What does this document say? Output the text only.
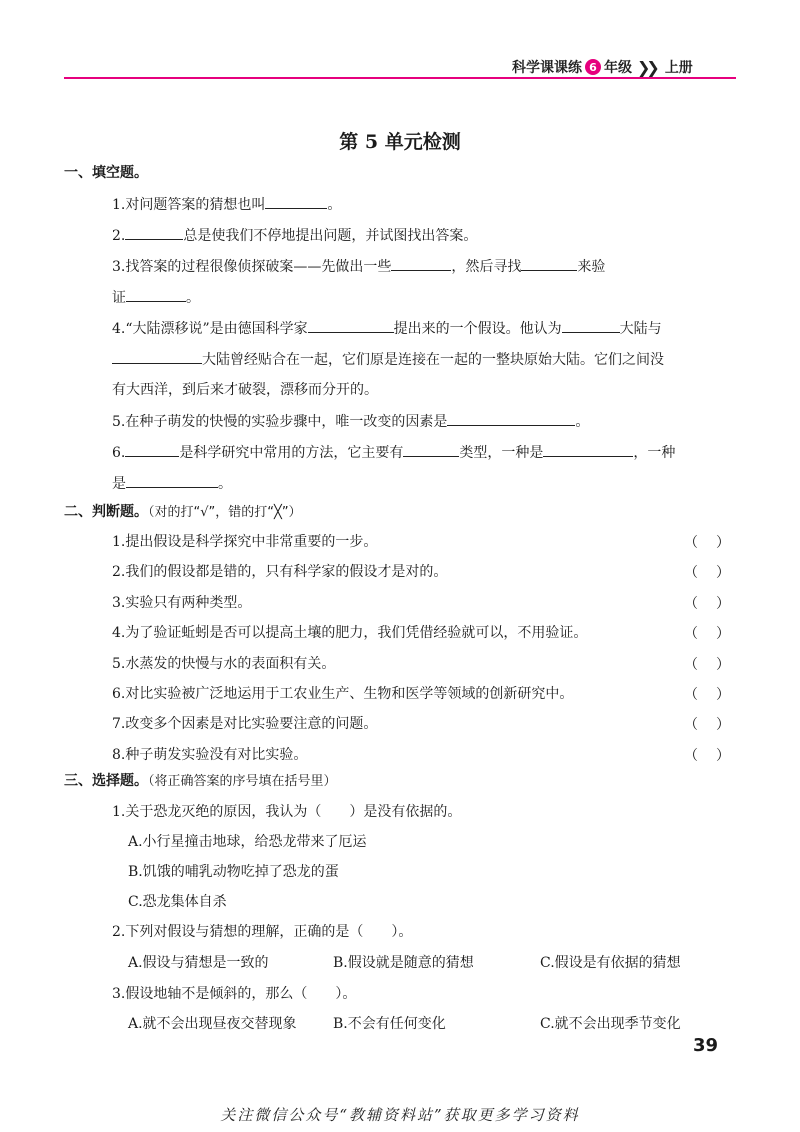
科学课课练 6 年级 ❯❯ 上册
第 5 单元检测
一、填空题。
1.对问题答案的猜想也叫	。
2.	总是使我们不停地提出问题，并试图找出答案。
3.找答案的过程很像侦探破案——先做出一些	，然后寻找	来验
证	。
4.“大陆漂移说”是由德国科学家	提出来的一个假设。他认为	大陆与
大陆曾经贴合在一起，它们原是连接在一起的一整块原始大陆。它们之间没
有大西洋，到后来才破裂，漂移而分开的。
5.在种子萌发的快慢的实验步骤中，唯一改变的因素是	。
6.	是科学研究中常用的方法，它主要有	类型，一种是	，一种
是	。
二、判断题。（对的打“√”，错的打“╳”）
1.提出假设是科学探究中非常重要的一步。	（ ）
2.我们的假设都是错的，只有科学家的假设才是对的。	（ ）
3.实验只有两种类型。	（ ）
4.为了验证蚯蚓是否可以提高土壤的肥力，我们凭借经验就可以，不用验证。	（ ）
5.水蒸发的快慢与水的表面积有关。	（ ）
6.对比实验被广泛地运用于工农业生产、生物和医学等领域的创新研究中。	（ ）
7.改变多个因素是对比实验要注意的问题。	（ ）
8.种子萌发实验没有对比实验。	（ ）
三、选择题。（将正确答案的序号填在括号里）
1.关于恐龙灭绝的原因，我认为（　　）是没有依据的。
A.小行星撞击地球，给恐龙带来了厄运
B.饥饿的哺乳动物吃掉了恐龙的蛋
C.恐龙集体自杀
2.下列对假设与猜想的理解，正确的是（　　）。
A.假设与猜想是一致的	B.假设就是随意的猜想	C.假设是有依据的猜想
3.假设地轴不是倾斜的，那么（　　）。
A.就不会出现昼夜交替现象	B.不会有任何变化	C.就不会出现季节变化
39
关注微信公众号“教辅资料站”获取更多学习资料
